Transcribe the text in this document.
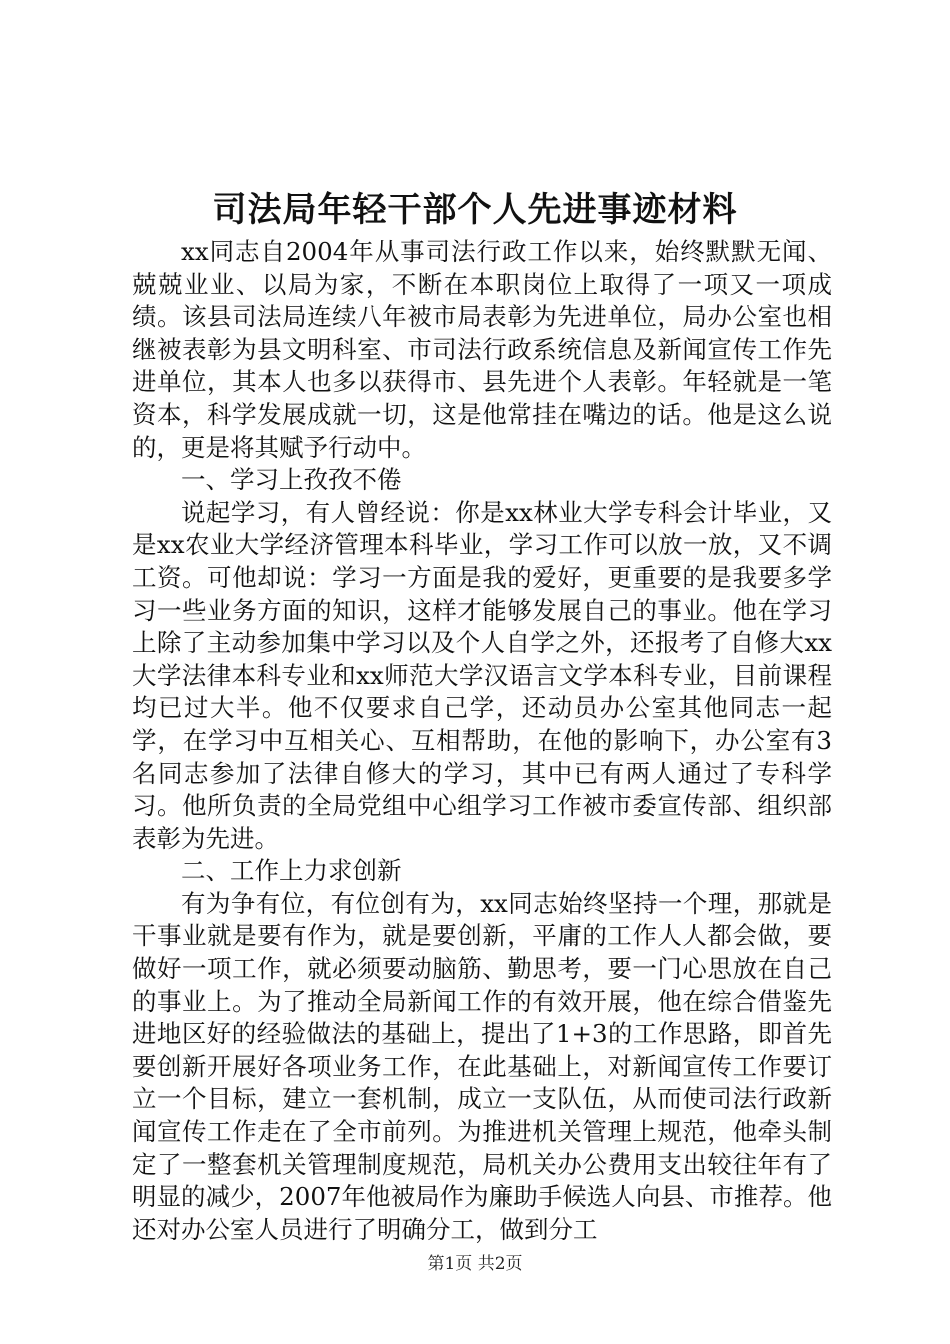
司法局年轻干部个人先进事迹材料

xx同志自2004年从事司法行政工作以来，始终默默无闻、兢兢业业、以局为家，不断在本职岗位上取得了一项又一项成绩。该县司法局连续八年被市局表彰为先进单位，局办公室也相继被表彰为县文明科室、市司法行政系统信息及新闻宣传工作先进单位，其本人也多以获得市、县先进个人表彰。年轻就是一笔资本，科学发展成就一切，这是他常挂在嘴边的话。他是这么说的，更是将其赋予行动中。

一、学习上孜孜不倦

说起学习，有人曾经说：你是xx林业大学专科会计毕业，又是xx农业大学经济管理本科毕业，学习工作可以放一放，又不调工资。可他却说：学习一方面是我的爱好，更重要的是我要多学习一些业务方面的知识，这样才能够发展自己的事业。他在学习上除了主动参加集中学习以及个人自学之外，还报考了自修大xx大学法律本科专业和xx师范大学汉语言文学本科专业，目前课程均已过大半。他不仅要求自己学，还动员办公室其他同志一起学，在学习中互相关心、互相帮助，在他的影响下，办公室有3名同志参加了法律自修大的学习，其中已有两人通过了专科学习。他所负责的全局党组中心组学习工作被市委宣传部、组织部表彰为先进。

二、工作上力求创新

有为争有位，有位创有为，xx同志始终坚持一个理，那就是干事业就是要有作为，就是要创新，平庸的工作人人都会做，要做好一项工作，就必须要动脑筋、勤思考，要一门心思放在自己的事业上。为了推动全局新闻工作的有效开展，他在综合借鉴先进地区好的经验做法的基础上，提出了1+3的工作思路，即首先要创新开展好各项业务工作，在此基础上，对新闻宣传工作要订立一个目标，建立一套机制，成立一支队伍，从而使司法行政新闻宣传工作走在了全市前列。为推进机关管理上规范，他牵头制定了一整套机关管理制度规范，局机关办公费用支出较往年有了明显的减少，2007年他被局作为廉助手候选人向县、市推荐。他还对办公室人员进行了明确分工，做到分工

第1页 共2页
